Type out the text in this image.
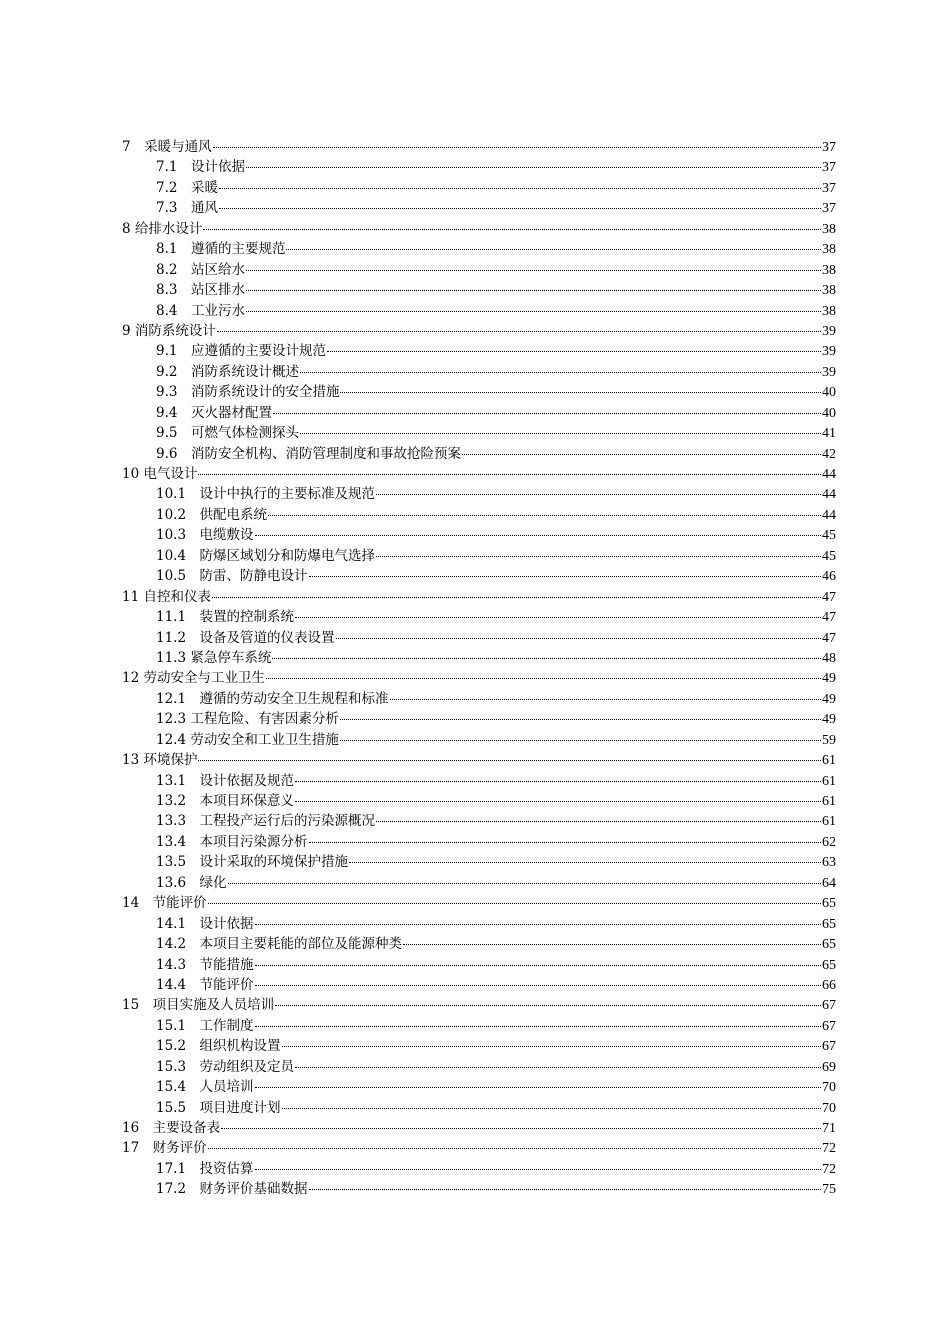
7　采暖与通风	37
7.1　设计依据	37
7.2　采暖	37
7.3　通风	37
8 给排水设计	38
8.1　遵循的主要规范	38
8.2　站区给水	38
8.3　站区排水	38
8.4　工业污水	38
9 消防系统设计	39
9.1　应遵循的主要设计规范	39
9.2　消防系统设计概述	39
9.3　消防系统设计的安全措施	40
9.4　灭火器材配置	40
9.5　可燃气体检测探头	41
9.6　消防安全机构、消防管理制度和事故抢险预案	42
10 电气设计	44
10.1　设计中执行的主要标准及规范	44
10.2　供配电系统	44
10.3　电缆敷设	45
10.4　防爆区域划分和防爆电气选择	45
10.5　防雷、防静电设计	46
11 自控和仪表	47
11.1　装置的控制系统	47
11.2　设备及管道的仪表设置	47
11.3 紧急停车系统	48
12 劳动安全与工业卫生	49
12.1　遵循的劳动安全卫生规程和标准	49
12.3 工程危险、有害因素分析	49
12.4 劳动安全和工业卫生措施	59
13 环境保护	61
13.1　设计依据及规范	61
13.2　本项目环保意义	61
13.3　工程投产运行后的污染源概况	61
13.4　本项目污染源分析	62
13.5　设计采取的环境保护措施	63
13.6　绿化	64
14　节能评价	65
14.1　设计依据	65
14.2　本项目主要耗能的部位及能源种类	65
14.3　节能措施	65
14.4　节能评价	66
15　项目实施及人员培训	67
15.1　工作制度	67
15.2　组织机构设置	67
15.3　劳动组织及定员	69
15.4　人员培训	70
15.5　项目进度计划	70
16　主要设备表	71
17　财务评价	72
17.1　投资估算	72
17.2　财务评价基础数据	75
